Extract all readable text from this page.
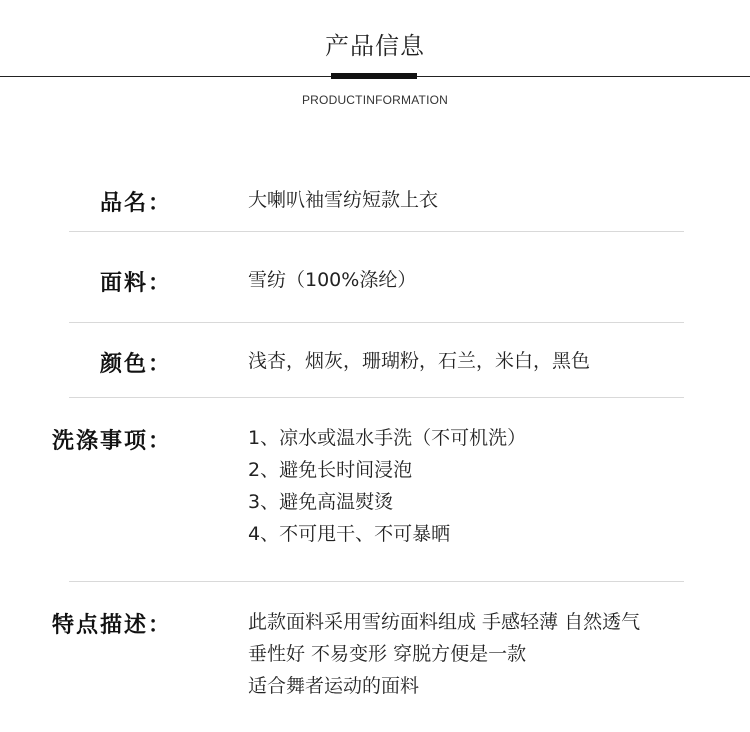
产品信息
PRODUCTINFORMATION
品名：	大喇叭袖雪纺短款上衣
面料：	雪纺（100%涤纶）
颜色：	浅杏，烟灰，珊瑚粉，石兰，米白，黑色
洗涤事项：	1、凉水或温水手洗（不可机洗）
2、避免长时间浸泡
3、避免高温熨烫
4、不可甩干、不可暴晒
特点描述：	此款面料采用雪纺面料组成 手感轻薄 自然透气
垂性好 不易变形 穿脱方便是一款
适合舞者运动的面料
